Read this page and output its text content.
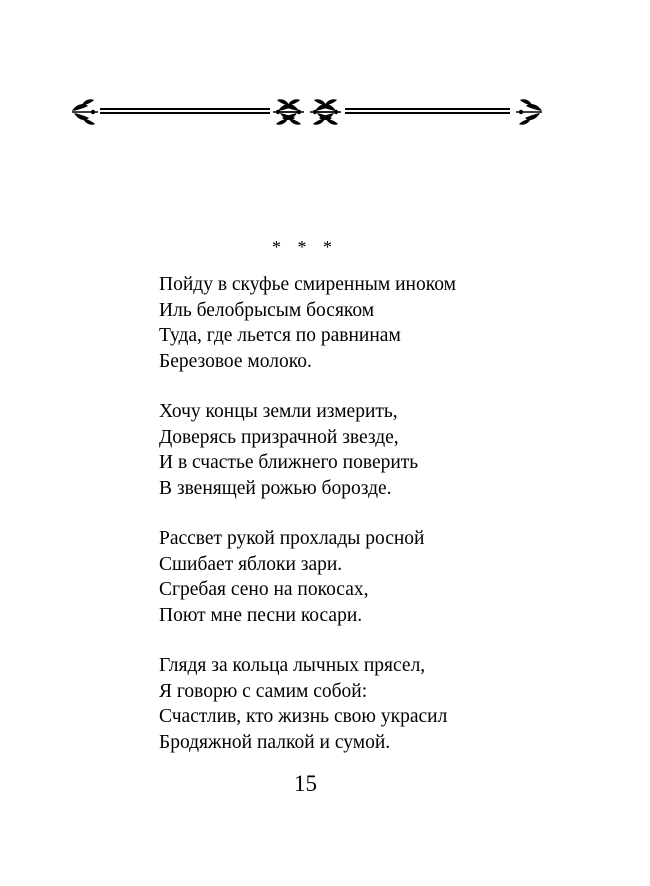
* * *
Пойду в скуфье смиренным иноком
Иль белобрысым босяком
Туда, где льется по равнинам
Березовое молоко.
Хочу концы земли измерить,
Доверясь призрачной звезде,
И в счастье ближнего поверить
В звенящей рожью борозде.
Рассвет рукой прохлады росной
Сшибает яблоки зари.
Сгребая сено на покосах,
Поют мне песни косари.
Глядя за кольца лычных прясел,
Я говорю с самим собой:
Счастлив, кто жизнь свою украсил
Бродяжной палкой и сумой.
15
